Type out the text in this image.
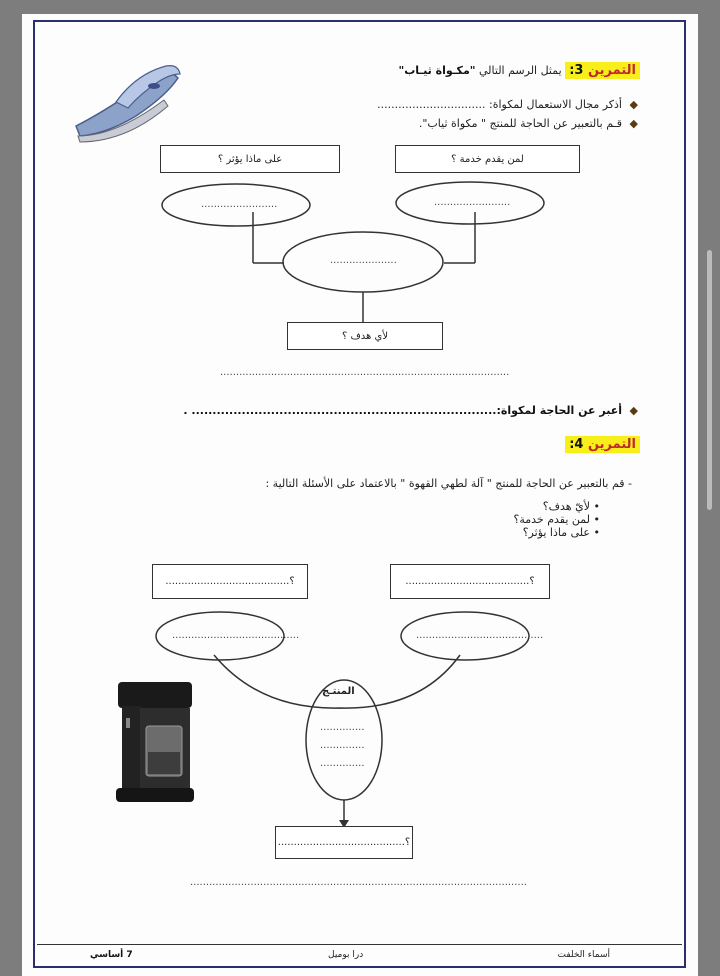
التمرين 3: يمثل الرسم التالي "مكـواة ثيـاب"
◆
أذكر مجال الاستعمال لمكواة: ...............................
◆
قـم بالتعبير عن الحاجة للمنتج " مكواة ثياب".
لمن يقدم خدمة ؟
على ماذا يؤثر ؟
........................	........................
.....................
لأي هدف ؟
...........................................................................................
◆
أعبر عن الحاجة لمكواة:......................................................................... .
التمرين 4:
- قم بالتعبير عن الحاجة للمنتج " آلة لطهي القهوة " بالاعتماد على الأسئلة التالية :
• لأيّ هدف؟
• لمن يقدم خدمة؟
• على ماذا يؤثر؟
؟.......................................	؟.......................................
........................................	........................................
المنتـج
..............
..............
..............
؟........................................
..........................................................................................................
أسماء الخلفت
درا بوميل
7 أساسي
